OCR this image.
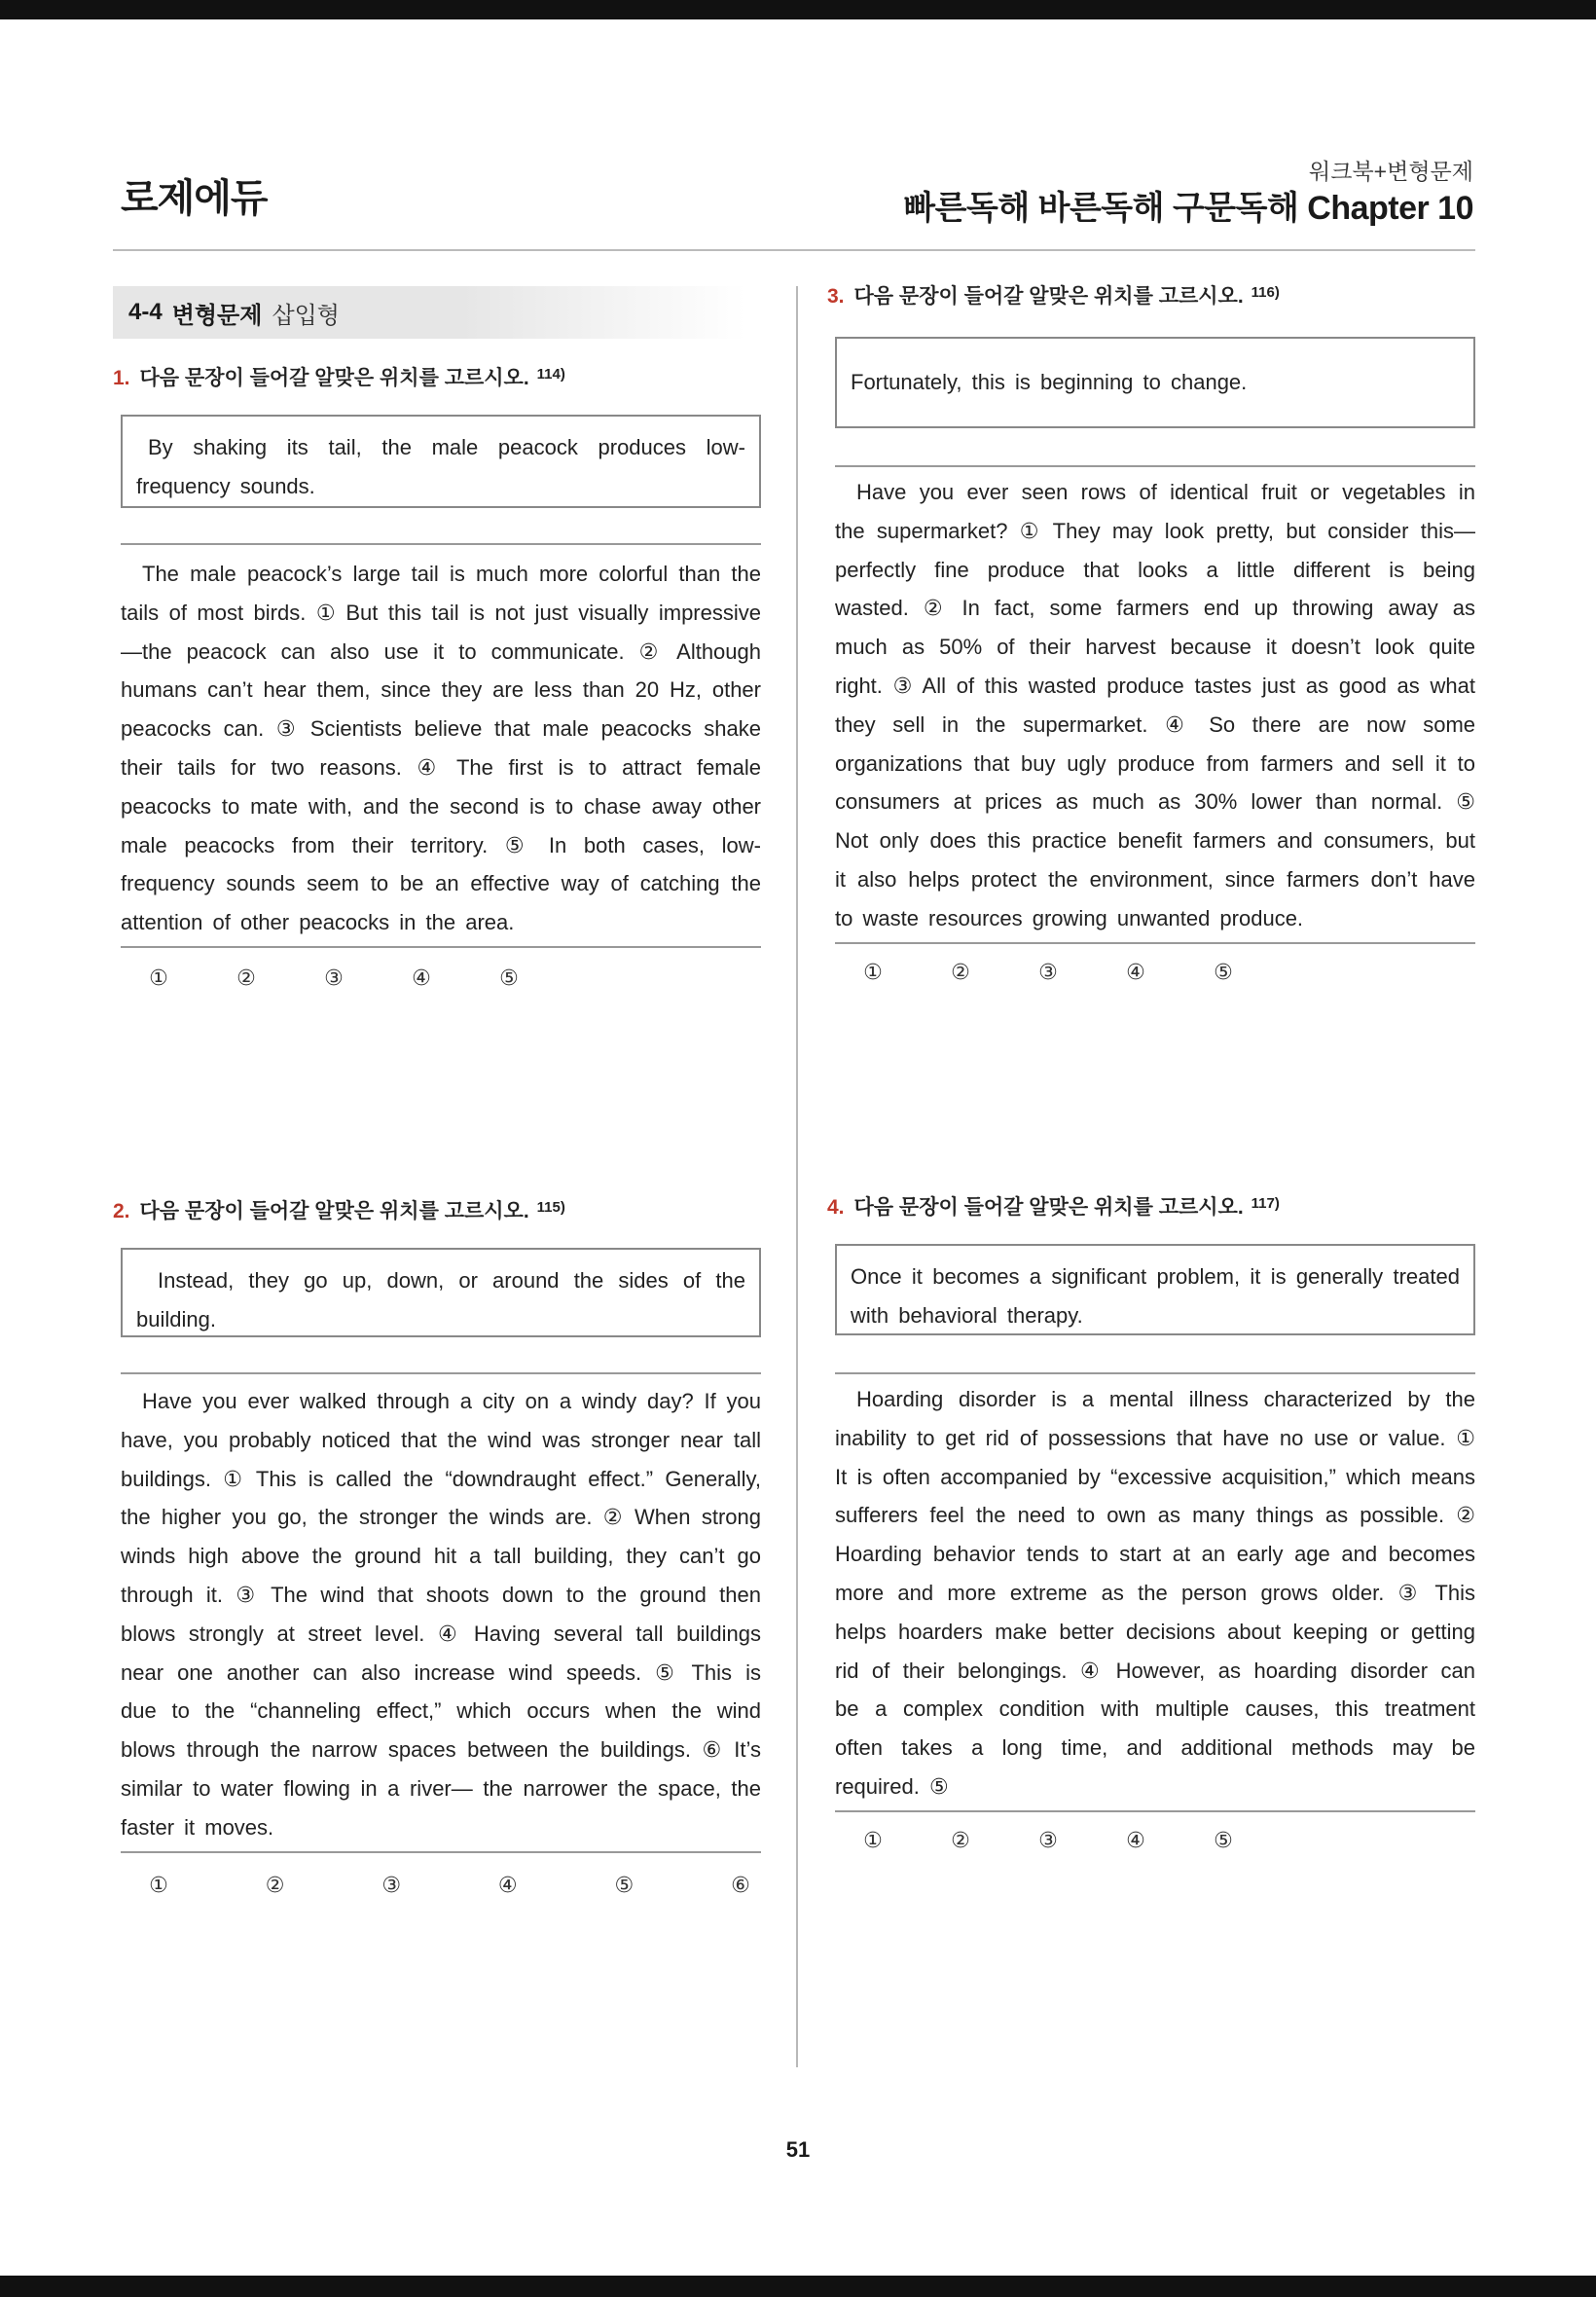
로제에듀
워크북+변형문제
빠른독해 바른독해 구문독해 Chapter 10
4-4 변형문제 삽입형
1. 다음 문장이 들어갈 알맞은 위치를 고르시오. 114)
By shaking its tail, the male peacock produces low-frequency sounds.

The male peacock’s large tail is much more colorful than the tails of most birds. ① But this tail is not just visually impressive—the peacock can also use it to communicate. ② Although humans can’t hear them, since they are less than 20 Hz, other peacocks can. ③ Scientists believe that male peacocks shake their tails for two reasons. ④ The first is to attract female peacocks to mate with, and the second is to chase away other male peacocks from their territory. ⑤ In both cases, low-frequency sounds seem to be an effective way of catching the attention of other peacocks in the area.

①	②	③	④	⑤
2. 다음 문장이 들어갈 알맞은 위치를 고르시오. 115)
Instead, they go up, down, or around the sides of the building.

Have you ever walked through a city on a windy day? If you have, you probably noticed that the wind was stronger near tall buildings. ① This is called the “downdraught effect.” Generally, the higher you go, the stronger the winds are. ② When strong winds high above the ground hit a tall building, they can’t go through it. ③ The wind that shoots down to the ground then blows strongly at street level. ④ Having several tall buildings near one another can also increase wind speeds. ⑤ This is due to the “channeling effect,” which occurs when the wind blows through the narrow spaces between the buildings. ⑥ It’s similar to water flowing in a river— the narrower the space, the faster it moves.

①	②	③	④	⑤	⑥
3. 다음 문장이 들어갈 알맞은 위치를 고르시오. 116)
Fortunately, this is beginning to change.

Have you ever seen rows of identical fruit or vegetables in the supermarket? ① They may look pretty, but consider this—perfectly fine produce that looks a little different is being wasted. ② In fact, some farmers end up throwing away as much as 50% of their harvest because it doesn’t look quite right. ③ All of this wasted produce tastes just as good as what they sell in the supermarket. ④ So there are now some organizations that buy ugly produce from farmers and sell it to consumers at prices as much as 30% lower than normal. ⑤ Not only does this practice benefit farmers and consumers, but it also helps protect the environment, since farmers don’t have to waste resources growing unwanted produce.

①	②	③	④	⑤
4. 다음 문장이 들어갈 알맞은 위치를 고르시오. 117)
Once it becomes a significant problem, it is generally treated with behavioral therapy.

Hoarding disorder is a mental illness characterized by the inability to get rid of possessions that have no use or value. ① It is often accompanied by “excessive acquisition,” which means sufferers feel the need to own as many things as possible. ② Hoarding behavior tends to start at an early age and becomes more and more extreme as the person grows older. ③ This helps hoarders make better decisions about keeping or getting rid of their belongings. ④ However, as hoarding disorder can be a complex condition with multiple causes, this treatment often takes a long time, and additional methods may be required. ⑤

①	②	③	④	⑤
51
